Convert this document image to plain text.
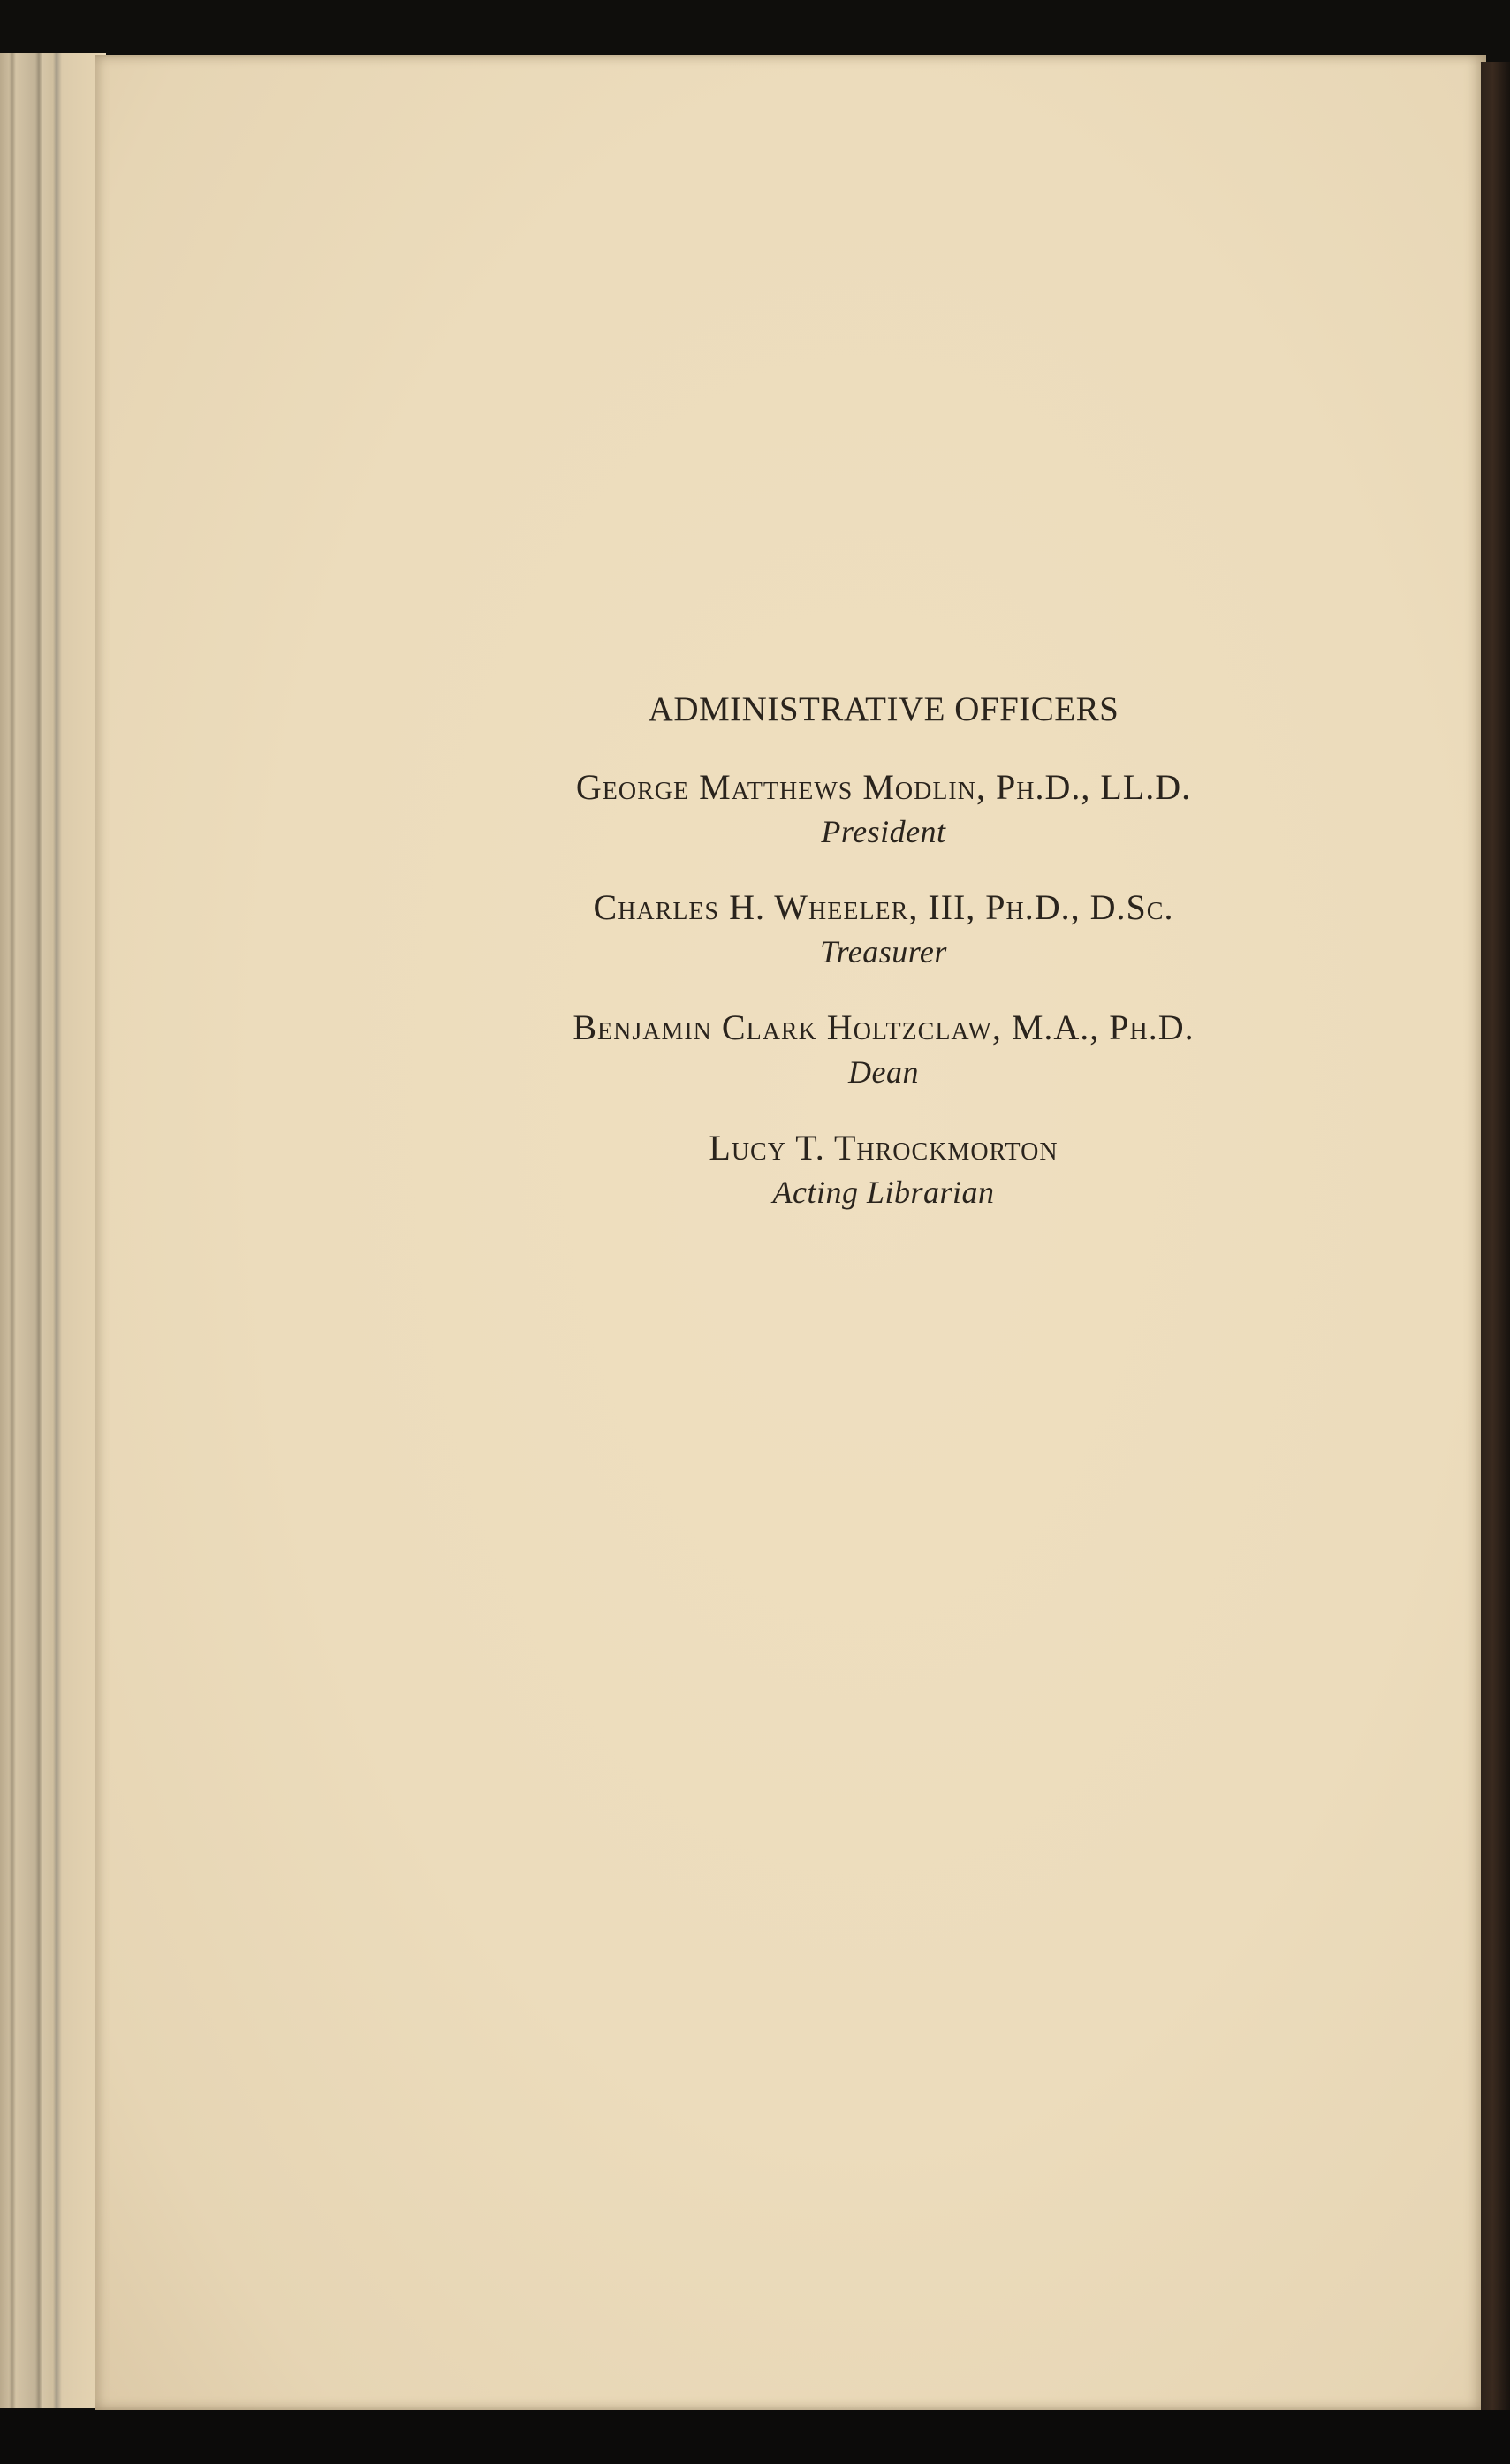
ADMINISTRATIVE OFFICERS
George Matthews Modlin, Ph.D., LL.D.
President
Charles H. Wheeler, III, Ph.D., D.Sc.
Treasurer
Benjamin Clark Holtzclaw, M.A., Ph.D.
Dean
Lucy T. Throckmorton
Acting Librarian
